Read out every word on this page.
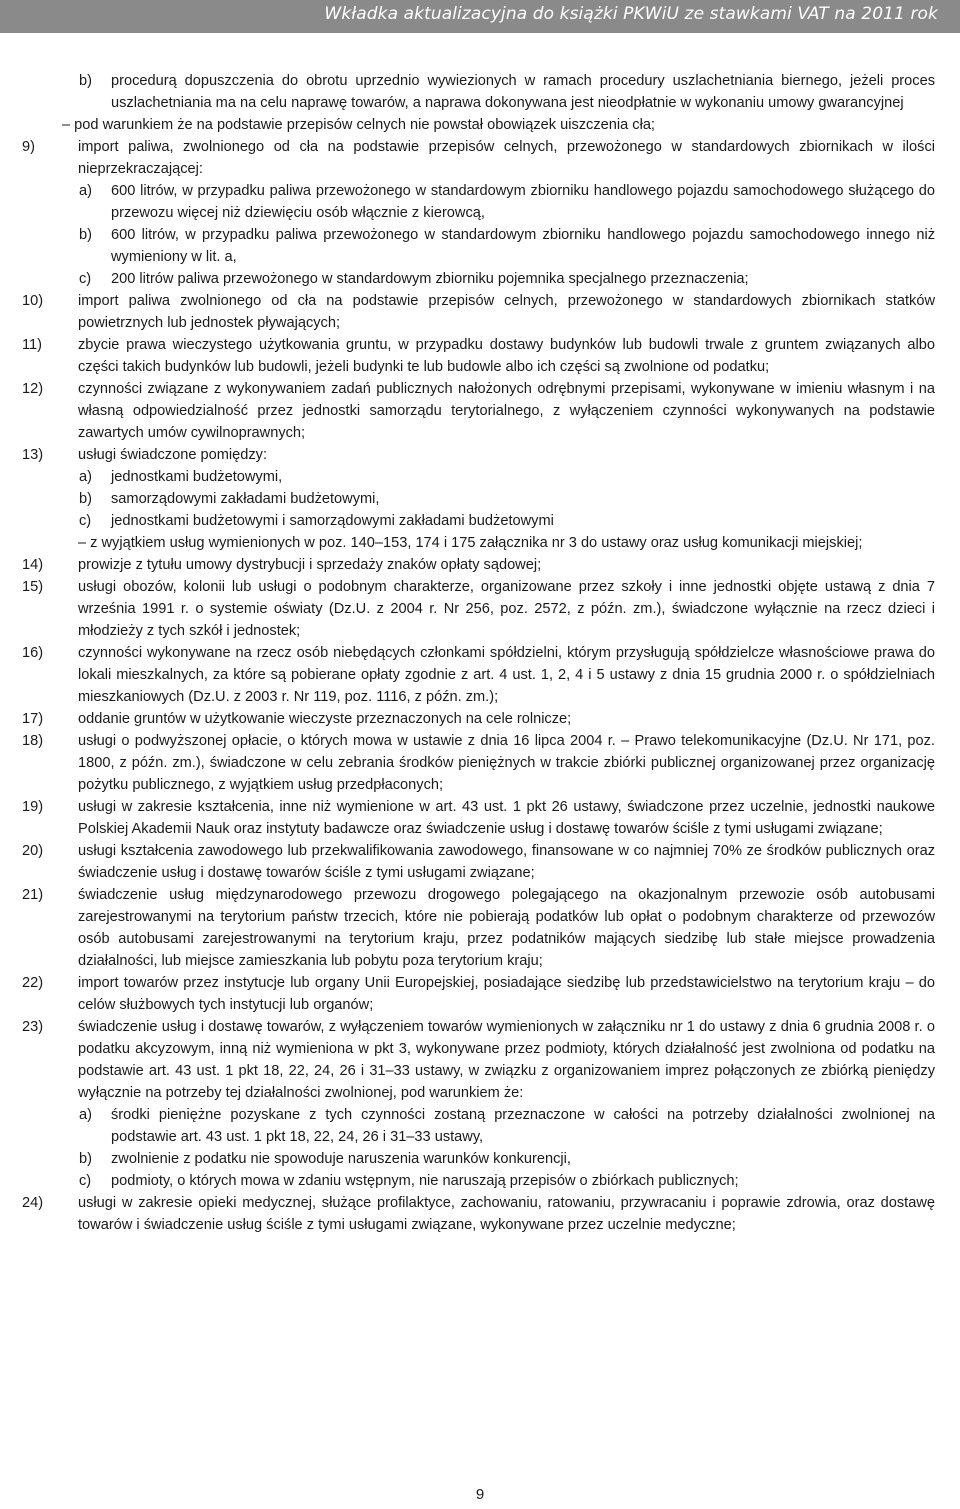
Wkładka aktualizacyjna do książki PKWiU ze stawkami VAT na 2011 rok

b) procedurą dopuszczenia do obrotu uprzednio wywiezionych w ramach procedury uszlachetniania biernego, jeżeli proces uszlachetniania ma na celu naprawę towarów, a naprawa dokonywana jest nieodpłatnie w wykonaniu umowy gwarancyjnej

– pod warunkiem że na podstawie przepisów celnych nie powstał obowiązek uiszczenia cła;

9)	import paliwa, zwolnionego od cła na podstawie przepisów celnych, przewożonego w standardowych zbiornikach w ilości nieprzekraczającej:

a) 600 litrów, w przypadku paliwa przewożonego w standardowym zbiorniku handlowego pojazdu samochodowego służącego do przewozu więcej niż dziewięciu osób włącznie z kierowcą,

b) 600 litrów, w przypadku paliwa przewożonego w standardowym zbiorniku handlowego pojazdu samochodowego innego niż wymieniony w lit. a,

c) 200 litrów paliwa przewożonego w standardowym zbiorniku pojemnika specjalnego przeznaczenia;

10) import paliwa zwolnionego od cła na podstawie przepisów celnych, przewożonego w standardowych zbiornikach statków powietrznych lub jednostek pływających;

11) zbycie prawa wieczystego użytkowania gruntu, w przypadku dostawy budynków lub budowli trwale z gruntem związanych albo części takich budynków lub budowli, jeżeli budynki te lub budowle albo ich części są zwolnione od podatku;

12) czynności związane z wykonywaniem zadań publicznych nałożonych odrębnymi przepisami, wykonywane w imieniu własnym i na własną odpowiedzialność przez jednostki samorządu terytorialnego, z wyłączeniem czynności wykonywanych na podstawie zawartych umów cywilnoprawnych;

13) usługi świadczone pomiędzy:

a) jednostkami budżetowymi,

b) samorządowymi zakładami budżetowymi,

c) jednostkami budżetowymi i samorządowymi zakładami budżetowymi

– z wyjątkiem usług wymienionych w poz. 140–153, 174 i 175 załącznika nr 3 do ustawy oraz usług komunikacji miejskiej;

14) prowizje z tytułu umowy dystrybucji i sprzedaży znaków opłaty sądowej;

15) usługi obozów, kolonii lub usługi o podobnym charakterze, organizowane przez szkoły i inne jednostki objęte ustawą z dnia 7 września 1991 r. o systemie oświaty (Dz.U. z 2004 r. Nr 256, poz. 2572, z późn. zm.), świadczone wyłącznie na rzecz dzieci i młodzieży z tych szkół i jednostek;

16) czynności wykonywane na rzecz osób niebędących członkami spółdzielni, którym przysługują spółdzielcze własnościowe prawa do lokali mieszkalnych, za które są pobierane opłaty zgodnie z art. 4 ust. 1, 2, 4 i 5 ustawy z dnia 15 grudnia 2000 r. o spółdzielniach mieszkaniowych (Dz.U. z 2003 r. Nr 119, poz. 1116, z późn. zm.);

17) oddanie gruntów w użytkowanie wieczyste przeznaczonych na cele rolnicze;

18) usługi o podwyższonej opłacie, o których mowa w ustawie z dnia 16 lipca 2004 r. – Prawo telekomunikacyjne (Dz.U. Nr 171, poz. 1800, z późn. zm.), świadczone w celu zebrania środków pieniężnych w trakcie zbiórki publicznej organizowanej przez organizację pożytku publicznego, z wyjątkiem usług przedpłaconych;

19) usługi w zakresie kształcenia, inne niż wymienione w art. 43 ust. 1 pkt 26 ustawy, świadczone przez uczelnie, jednostki naukowe Polskiej Akademii Nauk oraz instytuty badawcze oraz świadczenie usług i dostawę towarów ściśle z tymi usługami związane;

20) usługi kształcenia zawodowego lub przekwalifikowania zawodowego, finansowane w co najmniej 70% ze środków publicznych oraz świadczenie usług i dostawę towarów ściśle z tymi usługami związane;

21) świadczenie usług międzynarodowego przewozu drogowego polegającego na okazjonalnym przewozie osób autobusami zarejestrowanymi na terytorium państw trzecich, które nie pobierają podatków lub opłat o podobnym charakterze od przewozów osób autobusami zarejestrowanymi na terytorium kraju, przez podatników mających siedzibę lub stałe miejsce prowadzenia działalności, lub miejsce zamieszkania lub pobytu poza terytorium kraju;

22) import towarów przez instytucje lub organy Unii Europejskiej, posiadające siedzibę lub przedstawicielstwo na terytorium kraju – do celów służbowych tych instytucji lub organów;

23) świadczenie usług i dostawę towarów, z wyłączeniem towarów wymienionych w załączniku nr 1 do ustawy z dnia 6 grudnia 2008 r. o podatku akcyzowym, inną niż wymieniona w pkt 3, wykonywane przez podmioty, których działalność jest zwolniona od podatku na podstawie art. 43 ust. 1 pkt 18, 22, 24, 26 i 31–33 ustawy, w związku z organizowaniem imprez połączonych ze zbiórką pieniędzy wyłącznie na potrzeby tej działalności zwolnionej, pod warunkiem że:

a) środki pieniężne pozyskane z tych czynności zostaną przeznaczone w całości na potrzeby działalności zwolnionej na podstawie art. 43 ust. 1 pkt 18, 22, 24, 26 i 31–33 ustawy,

b) zwolnienie z podatku nie spowoduje naruszenia warunków konkurencji,

c) podmioty, o których mowa w zdaniu wstępnym, nie naruszają przepisów o zbiórkach publicznych;

24) usługi w zakresie opieki medycznej, służące profilaktyce, zachowaniu, ratowaniu, przywracaniu i poprawie zdrowia, oraz dostawę towarów i świadczenie usług ściśle z tymi usługami związane, wykonywane przez uczelnie medyczne;

9
